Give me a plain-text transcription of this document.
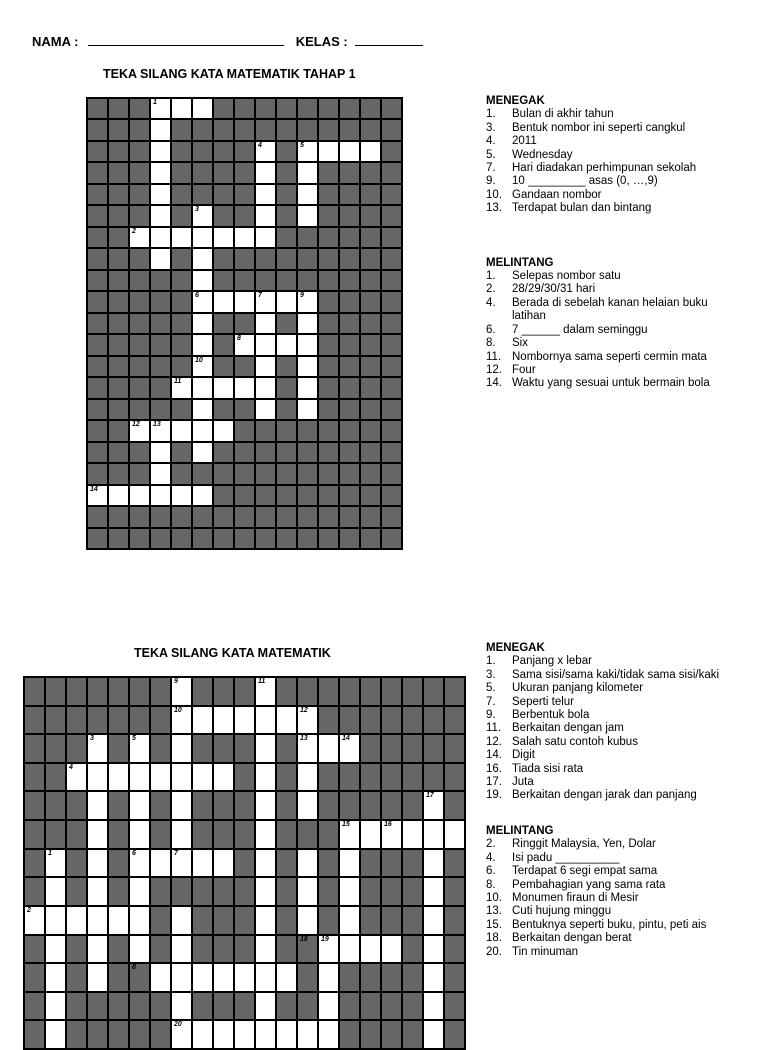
NAMA :	KELAS :
TEKA SILANG KATA MATEMATIK TAHAP 1
1
4	5
3
2
6	7	9
8
10
11
12 13
14
MENEGAK
1.	Bulan di akhir tahun
3.	Bentuk nombor ini seperti cangkul
4.	2011
5.	Wednesday
7.	Hari diadakan perhimpunan sekolah
9.	10 _________ asas (0, …,9)
10. Gandaan nombor
13. Terdapat bulan dan bintang
MELINTANG
1.	Selepas nombor satu
2.	28/29/30/31 hari
4.	Berada di sebelah kanan helaian buku latihan
6.	7 ______ dalam seminggu
8.	Six
11. Nombornya sama seperti cermin mata
12. Four
14. Waktu yang sesuai untuk bermain bola
TEKA SILANG KATA MATEMATIK
9	11
10	12
3	5	13	14
4
17
15	16
1	6	7
2
18 19
8
20
MENEGAK
1.	Panjang x lebar
3.	Sama sisi/sama kaki/tidak sama sisi/kaki
5.	Ukuran panjang kilometer
7.	Seperti telur
9.	Berbentuk bola
11. Berkaitan dengan jam
12. Salah satu contoh kubus
14. Digit
16. Tiada sisi rata
17. Juta
19. Berkaitan dengan jarak dan panjang
MELINTANG
2.	Ringgit Malaysia, Yen, Dolar
4.	Isi padu __________
6.	Terdapat 6 segi empat sama
8.	Pembahagian yang sama rata
10. Monumen firaun di Mesir
13. Cuti hujung minggu
15. Bentuknya seperti buku, pintu, peti ais
18. Berkaitan dengan berat
20. Tin minuman
